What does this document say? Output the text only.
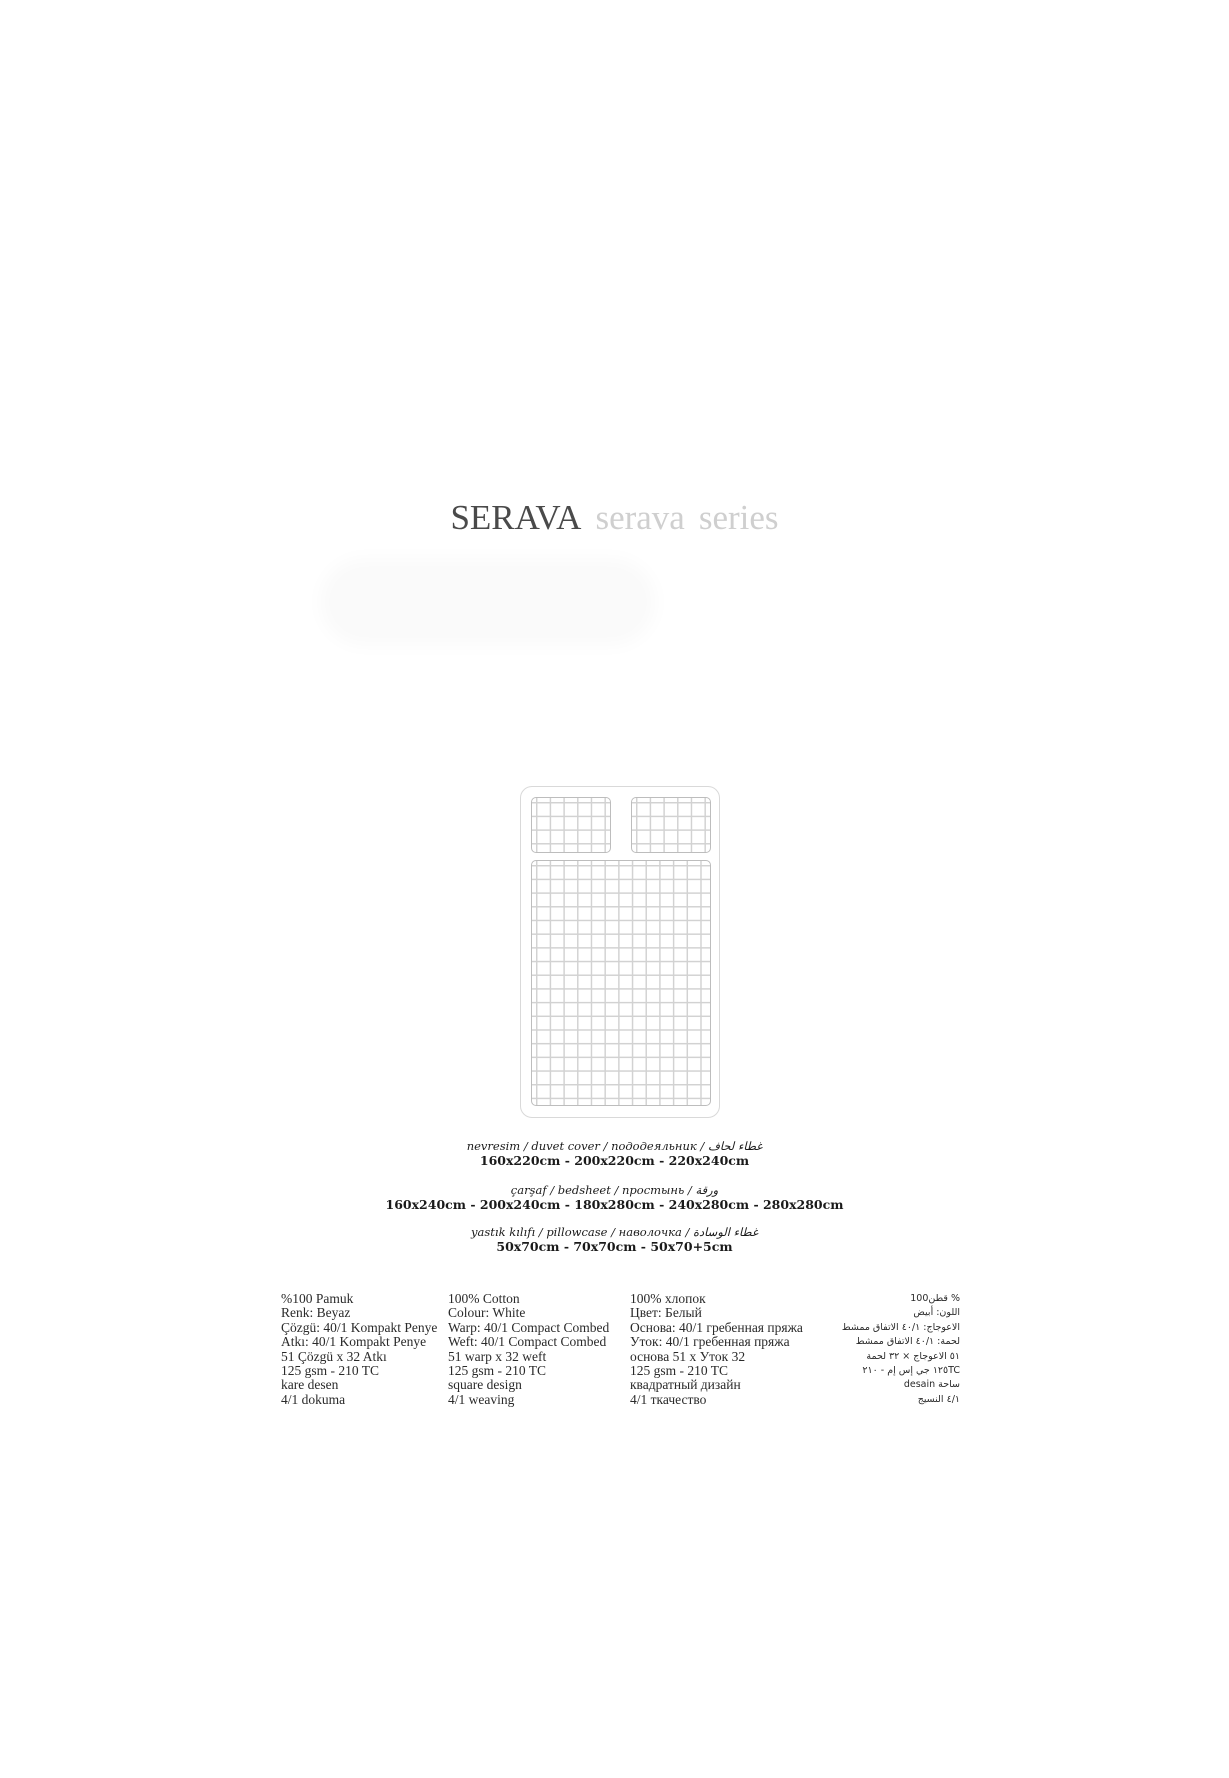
SERAVA serava series
nevresim / duvet cover / пододеяльник / غطاء لحاف
160x220cm - 200x220cm - 220x240cm
çarşaf / bedsheet / простынь / ورقة
160x240cm - 200x240cm - 180x280cm - 240x280cm - 280x280cm
yastık kılıfı / pillowcase / наволочка / غطاء الوسادة
50x70cm - 70x70cm - 50x70+5cm
%100 Pamuk
Renk: Beyaz
Çözgü: 40/1 Kompakt Penye
Atkı: 40/1 Kompakt Penye
51 Çözgü x 32 Atkı
125 gsm - 210 TC
kare desen
4/1 dokuma
100% Cotton
Colour: White
Warp: 40/1 Compact Combed
Weft: 40/1 Compact Combed
51 warp x 32 weft
125 gsm - 210 TC
square design
4/1 weaving
100% хлопок
Цвет: Белый
Основа: 40/1 гребенная пряжа
Уток: 40/1 гребенная пряжа
основа 51 x Уток 32
125 gsm - 210 TC
квадратный дизайн
4/1 ткачество
% قطن100
اللون: أبيض
الاعوجاج: ٤٠/١ الاتفاق ممشط
لحمة: ٤٠/١ الاتفاق ممشط
٥١ الاعوجاج × ٣٢ لحمة
١٢٥TC جي إس إم - ٢١٠
ساحة desain
٤/١ النسيج
